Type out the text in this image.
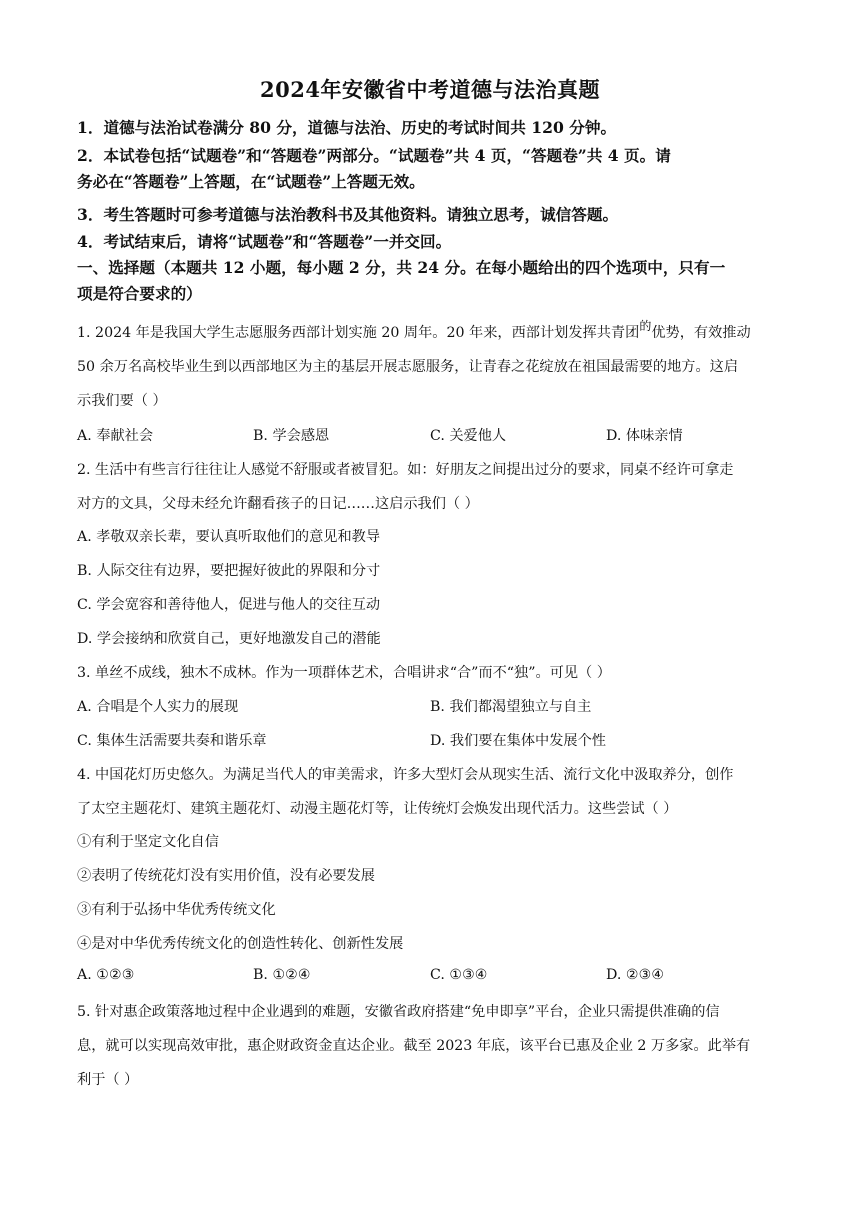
2024年安徽省中考道德与法治真题
1．道德与法治试卷满分 80 分，道德与法治、历史的考试时间共 120 分钟。
2．本试卷包括“试题卷”和“答题卷”两部分。“试题卷”共 4 页，“答题卷”共 4 页。请
务必在“答题卷”上答题，在“试题卷”上答题无效。
3．考生答题时可参考道德与法治教科书及其他资料。请独立思考，诚信答题。
4．考试结束后，请将“试题卷”和“答题卷”一并交回。
一、选择题（本题共 12 小题，每小题 2 分，共 24 分。在每小题给出的四个选项中，只有一
项是符合要求的）
1. 2024 年是我国大学生志愿服务西部计划实施 20 周年。20 年来，西部计划发挥共青团$^的$优势，有效推动
50 余万名高校毕业生到以西部地区为主的基层开展志愿服务，让青春之花绽放在祖国最需要的地方。这启
示我们要（ ）
A. 奉献社会	B. 学会感恩	C. 关爱他人	D. 体味亲情
2. 生活中有些言行往往让人感觉不舒服或者被冒犯。如：好朋友之间提出过分的要求，同桌不经许可拿走
对方的文具，父母未经允许翻看孩子的日记……这启示我们（ ）
A. 孝敬双亲长辈，要认真听取他们的意见和教导
B. 人际交往有边界，要把握好彼此的界限和分寸
C. 学会宽容和善待他人，促进与他人的交往互动
D. 学会接纳和欣赏自己，更好地激发自己的潜能
3. 单丝不成线，独木不成林。作为一项群体艺术，合唱讲求“合”而不“独”。可见（ ）
A. 合唱是个人实力的展现	B. 我们都渴望独立与自主
C. 集体生活需要共奏和谐乐章	D. 我们要在集体中发展个性
4. 中国花灯历史悠久。为满足当代人的审美需求，许多大型灯会从现实生活、流行文化中汲取养分，创作
了太空主题花灯、建筑主题花灯、动漫主题花灯等，让传统灯会焕发出现代活力。这些尝试（ ）
①有利于坚定文化自信
②表明了传统花灯没有实用价值，没有必要发展
③有利于弘扬中华优秀传统文化
④是对中华优秀传统文化的创造性转化、创新性发展
A. ①②③	B. ①②④	C. ①③④	D. ②③④
5. 针对惠企政策落地过程中企业遇到的难题，安徽省政府搭建“免申即享”平台，企业只需提供准确的信
息，就可以实现高效审批，惠企财政资金直达企业。截至 2023 年底，该平台已惠及企业 2 万多家。此举有
利于（ ）
